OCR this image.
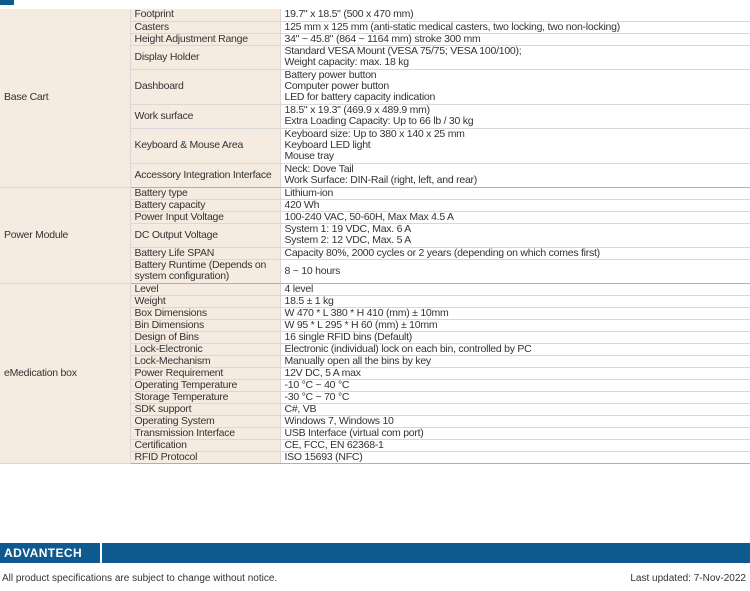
Base Cart	Footprint	19.7" x 18.5" (500 x 470 mm)

	Casters	125 mm x 125 mm (anti-static medical casters, two locking, two non-locking)

	Height Adjustment Range	34" ~ 45.8" (864 ~ 1164 mm) stroke 300 mm

	Display Holder	Standard VESA Mount (VESA 75/75; VESA 100/100);
Weight capacity: max. 18 kg

	Dashboard	Battery power button
Computer power button
LED for battery capacity indication

	Work surface	18.5" x 19.3" (469.9 x 489.9 mm)
Extra Loading Capacity: Up to 66 lb / 30 kg

	Keyboard & Mouse Area	Keyboard size: Up to 380 x 140 x 25 mm
Keyboard LED light
Mouse tray

	Accessory Integration Interface	Neck: Dove Tail
Work Surface: DIN-Rail (right, left, and rear)

Power Module	Battery type	Lithium-ion

	Battery capacity	420 Wh

	Power Input Voltage	100-240 VAC, 50-60H, Max Max 4.5 A

	DC Output Voltage	System 1: 19 VDC, Max. 6 A
System 2: 12 VDC, Max. 5 A

	Battery Life SPAN	Capacity 80%, 2000 cycles or 2 years (depending on which comes first)

	Battery Runtime (Depends on
system configuration)	8 ~ 10 hours

eMedication box	Level	4 level

	Weight	18.5 ± 1 kg

	Box Dimensions	W 470 * L 380 * H 410 (mm) ± 10mm

	Bin Dimensions	W 95 * L 295 * H 60 (mm) ± 10mm

	Design of Bins	16 single RFID bins (Default)

	Lock-Electronic	Electronic (individual) lock on each bin, controlled by PC

	Lock-Mechanism	Manually open all the bins by key

	Power Requirement	12V DC, 5 A max

	Operating Temperature	-10 °C ~ 40 °C

	Storage Temperature	-30 °C ~ 70 °C

	SDK support	C#, VB

	Operating System	Windows 7, Windows 10

	Transmission Interface	USB Interface (virtual com port)

	Certification	CE, FCC, EN 62368-1

	RFID Protocol	ISO 15693 (NFC)
ADVANTECH
All product specifications are subject to change without notice.	Last updated: 7-Nov-2022
